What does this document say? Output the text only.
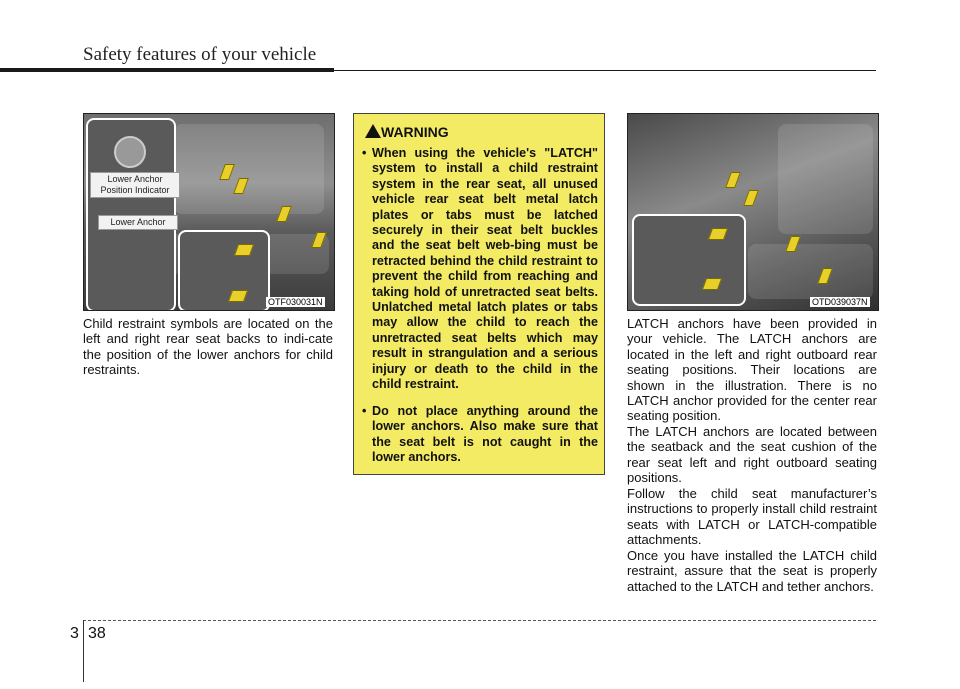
Safety features of your vehicle
Lower Anchor
Position Indicator
Lower Anchor
OTF030031N

Child restraint symbols are located on the left and right rear seat backs to indi-cate the position of the lower anchors for child restraints.

WARNING
• When using the vehicle's "LATCH" system to install a child restraint system in the rear seat, all unused vehicle rear seat belt metal latch plates or tabs must be latched securely in their seat belt buckles and the seat belt web-bing must be retracted behind the child restraint to prevent the child from reaching and taking hold of unretracted seat belts. Unlatched metal latch plates or tabs may allow the child to reach the unretracted seat belts which may result in strangulation and a serious injury or death to the child in the child restraint.
• Do not place anything around the lower anchors. Also make sure that the seat belt is not caught in the lower anchors.
OTD039037N

LATCH anchors have been provided in your vehicle. The LATCH anchors are located in the left and right outboard rear seating positions. Their locations are shown in the illustration. There is no LATCH anchor provided for the center rear seating position.

The LATCH anchors are located between the seatback and the seat cushion of the rear seat left and right outboard seating positions.

Follow the child seat manufacturer’s instructions to properly install child restraint seats with LATCH or LATCH-compatible attachments.

Once you have installed the LATCH child restraint, assure that the seat is properly attached to the LATCH and tether anchors.

3 38
